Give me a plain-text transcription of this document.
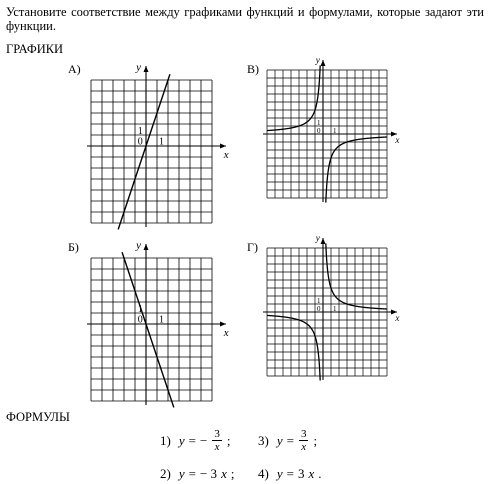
Установите соответствие между графиками функций и формулами, которые задают эти функции.
ГРАФИКИ
А)	В)
Б)	Г)
y
x
0 1
1
y
x
0 1
1
y
x
0 1
1
y
x
0 1
1
ФОРМУЛЫ
1) y = − $\frac{3}{x}$ ; 3) $y = \frac{3}{x}$ ;
2) y = − 3 x ; 4) y = 3 x .
